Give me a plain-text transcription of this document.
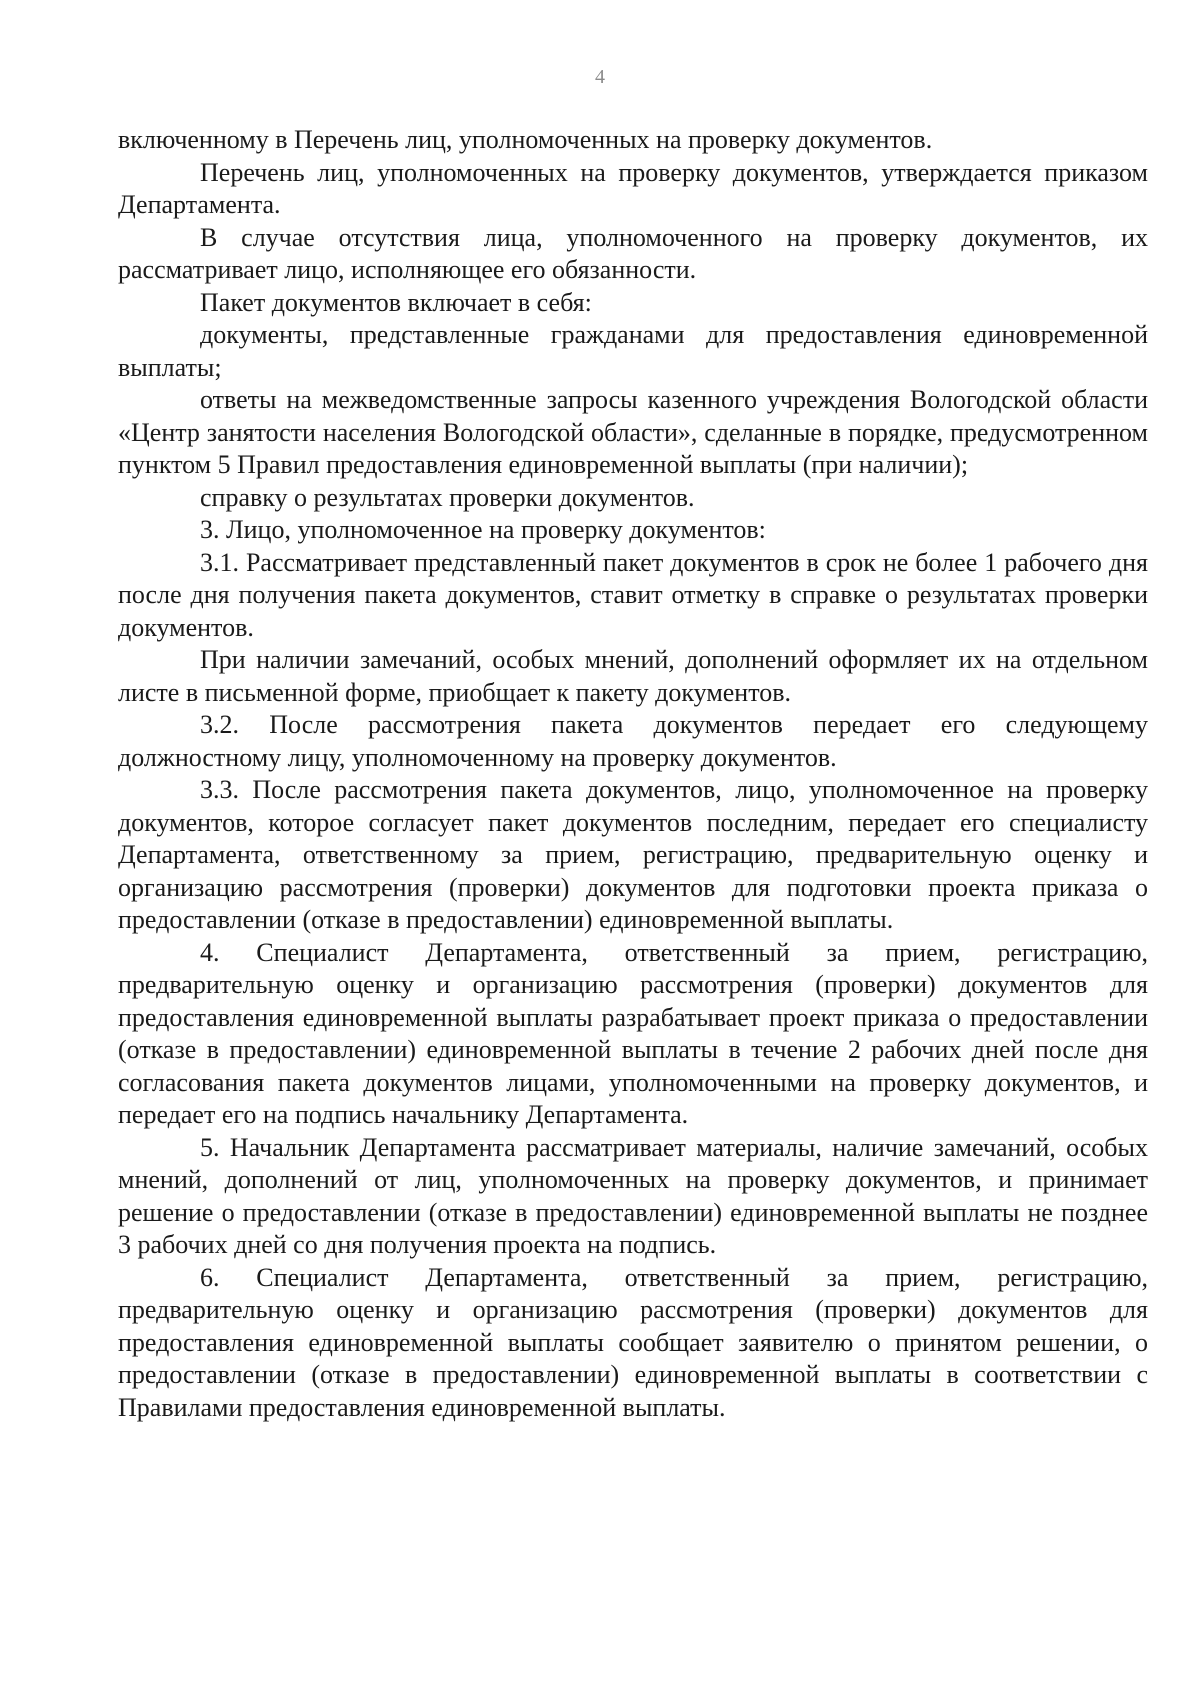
4

включенному в Перечень лиц, уполномоченных на проверку документов.

Перечень лиц, уполномоченных на проверку документов, утверждается приказом Департамента.

В случае отсутствия лица, уполномоченного на проверку документов, их рассматривает лицо, исполняющее его обязанности.

Пакет документов включает в себя:

документы, представленные гражданами для предоставления единовременной выплаты;

ответы на межведомственные запросы казенного учреждения Вологодской области «Центр занятости населения Вологодской области», сделанные в порядке, предусмотренном пунктом 5 Правил предоставления единовременной выплаты (при наличии);

справку о результатах проверки документов.

3. Лицо, уполномоченное на проверку документов:

3.1. Рассматривает представленный пакет документов в срок не более 1 рабочего дня после дня получения пакета документов, ставит отметку в справке о результатах проверки документов.

При наличии замечаний, особых мнений, дополнений оформляет их на отдельном листе в письменной форме, приобщает к пакету документов.

3.2. После рассмотрения пакета документов передает его следующему должностному лицу, уполномоченному на проверку документов.

3.3. После рассмотрения пакета документов, лицо, уполномоченное на проверку документов, которое согласует пакет документов последним, передает его специалисту Департамента, ответственному за прием, регистрацию, предварительную оценку и организацию рассмотрения (проверки) документов для подготовки проекта приказа о предоставлении (отказе в предоставлении) единовременной выплаты.

4. Специалист Департамента, ответственный за прием, регистрацию, предварительную оценку и организацию рассмотрения (проверки) документов для предоставления единовременной выплаты разрабатывает проект приказа о предоставлении (отказе в предоставлении) единовременной выплаты в течение 2 рабочих дней после дня согласования пакета документов лицами, уполномоченными на проверку документов, и передает его на подпись начальнику Департамента.

5. Начальник Департамента рассматривает материалы, наличие замечаний, особых мнений, дополнений от лиц, уполномоченных на проверку документов, и принимает решение о предоставлении (отказе в предоставлении) единовременной выплаты не позднее 3 рабочих дней со дня получения проекта на подпись.

6. Специалист Департамента, ответственный за прием, регистрацию, предварительную оценку и организацию рассмотрения (проверки) документов для предоставления единовременной выплаты сообщает заявителю о принятом решении, о предоставлении (отказе в предоставлении) единовременной выплаты в соответствии с Правилами предоставления единовременной выплаты.
